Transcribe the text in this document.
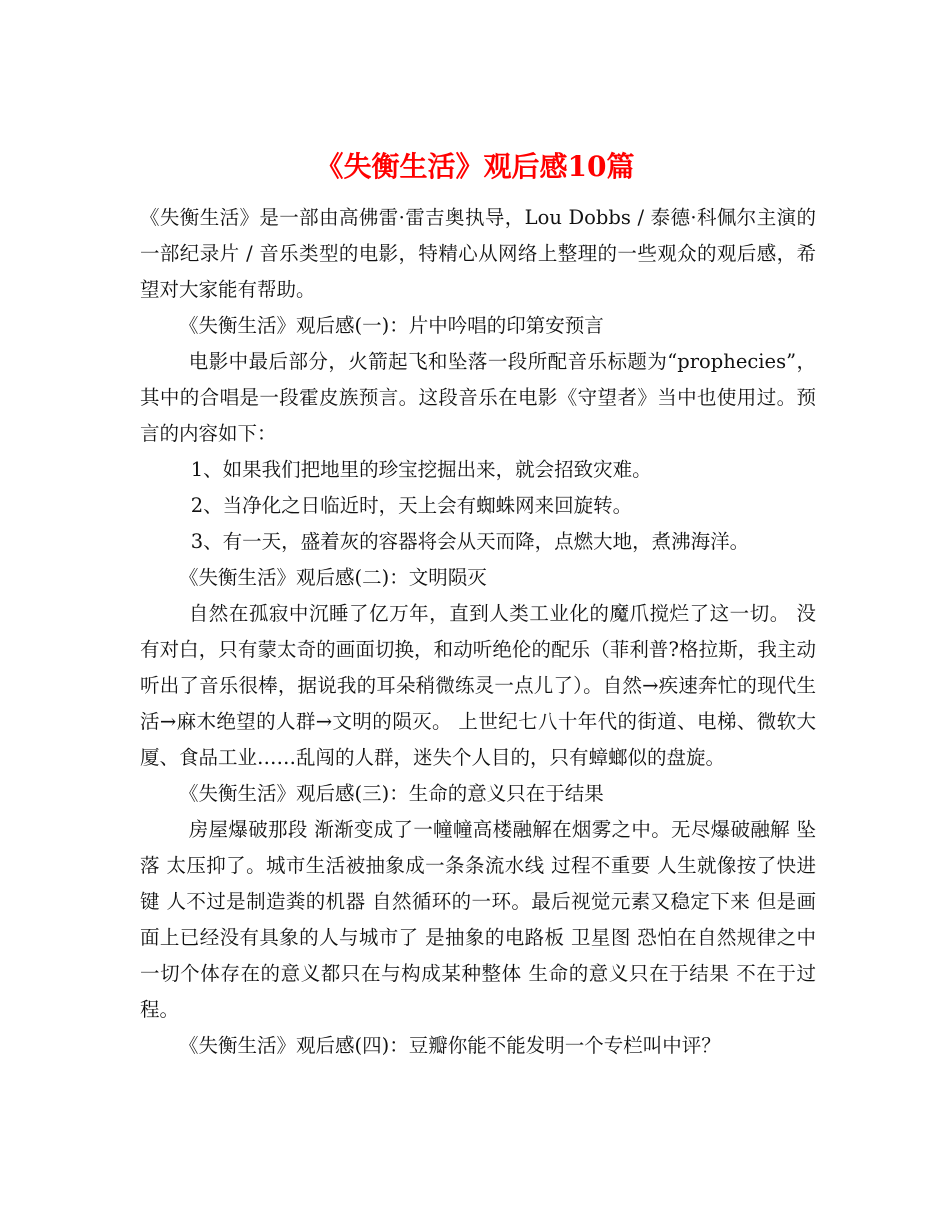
《失衡生活》观后感10篇

《失衡生活》是一部由高佛雷·雷吉奥执导，Lou Dobbs / 泰德·科佩尔主演的一部纪录片 / 音乐类型的电影，特精心从网络上整理的一些观众的观后感，希望对大家能有帮助。

《失衡生活》观后感(一)：片中吟唱的印第安预言

电影中最后部分，火箭起飞和坠落一段所配音乐标题为“prophecies”，其中的合唱是一段霍皮族预言。这段音乐在电影《守望者》当中也使用过。预言的内容如下：

1、如果我们把地里的珍宝挖掘出来，就会招致灾难。

2、当净化之日临近时，天上会有蜘蛛网来回旋转。

3、有一天，盛着灰的容器将会从天而降，点燃大地，煮沸海洋。

《失衡生活》观后感(二)：文明陨灭

自然在孤寂中沉睡了亿万年，直到人类工业化的魔爪搅烂了这一切。 没有对白，只有蒙太奇的画面切换，和动听绝伦的配乐（菲利普?格拉斯，我主动听出了音乐很棒，据说我的耳朵稍微练灵一点儿了）。自然→疾速奔忙的现代生活→麻木绝望的人群→文明的陨灭。 上世纪七八十年代的街道、电梯、微软大厦、食品工业……乱闯的人群，迷失个人目的，只有蟑螂似的盘旋。

《失衡生活》观后感(三)：生命的意义只在于结果

房屋爆破那段 渐渐变成了一幢幢高楼融解在烟雾之中。无尽爆破融解 坠落 太压抑了。城市生活被抽象成一条条流水线 过程不重要 人生就像按了快进键 人不过是制造粪的机器 自然循环的一环。最后视觉元素又稳定下来 但是画面上已经没有具象的人与城市了 是抽象的电路板 卫星图 恐怕在自然规律之中一切个体存在的意义都只在与构成某种整体 生命的意义只在于结果 不在于过程。

《失衡生活》观后感(四)：豆瓣你能不能发明一个专栏叫中评？
